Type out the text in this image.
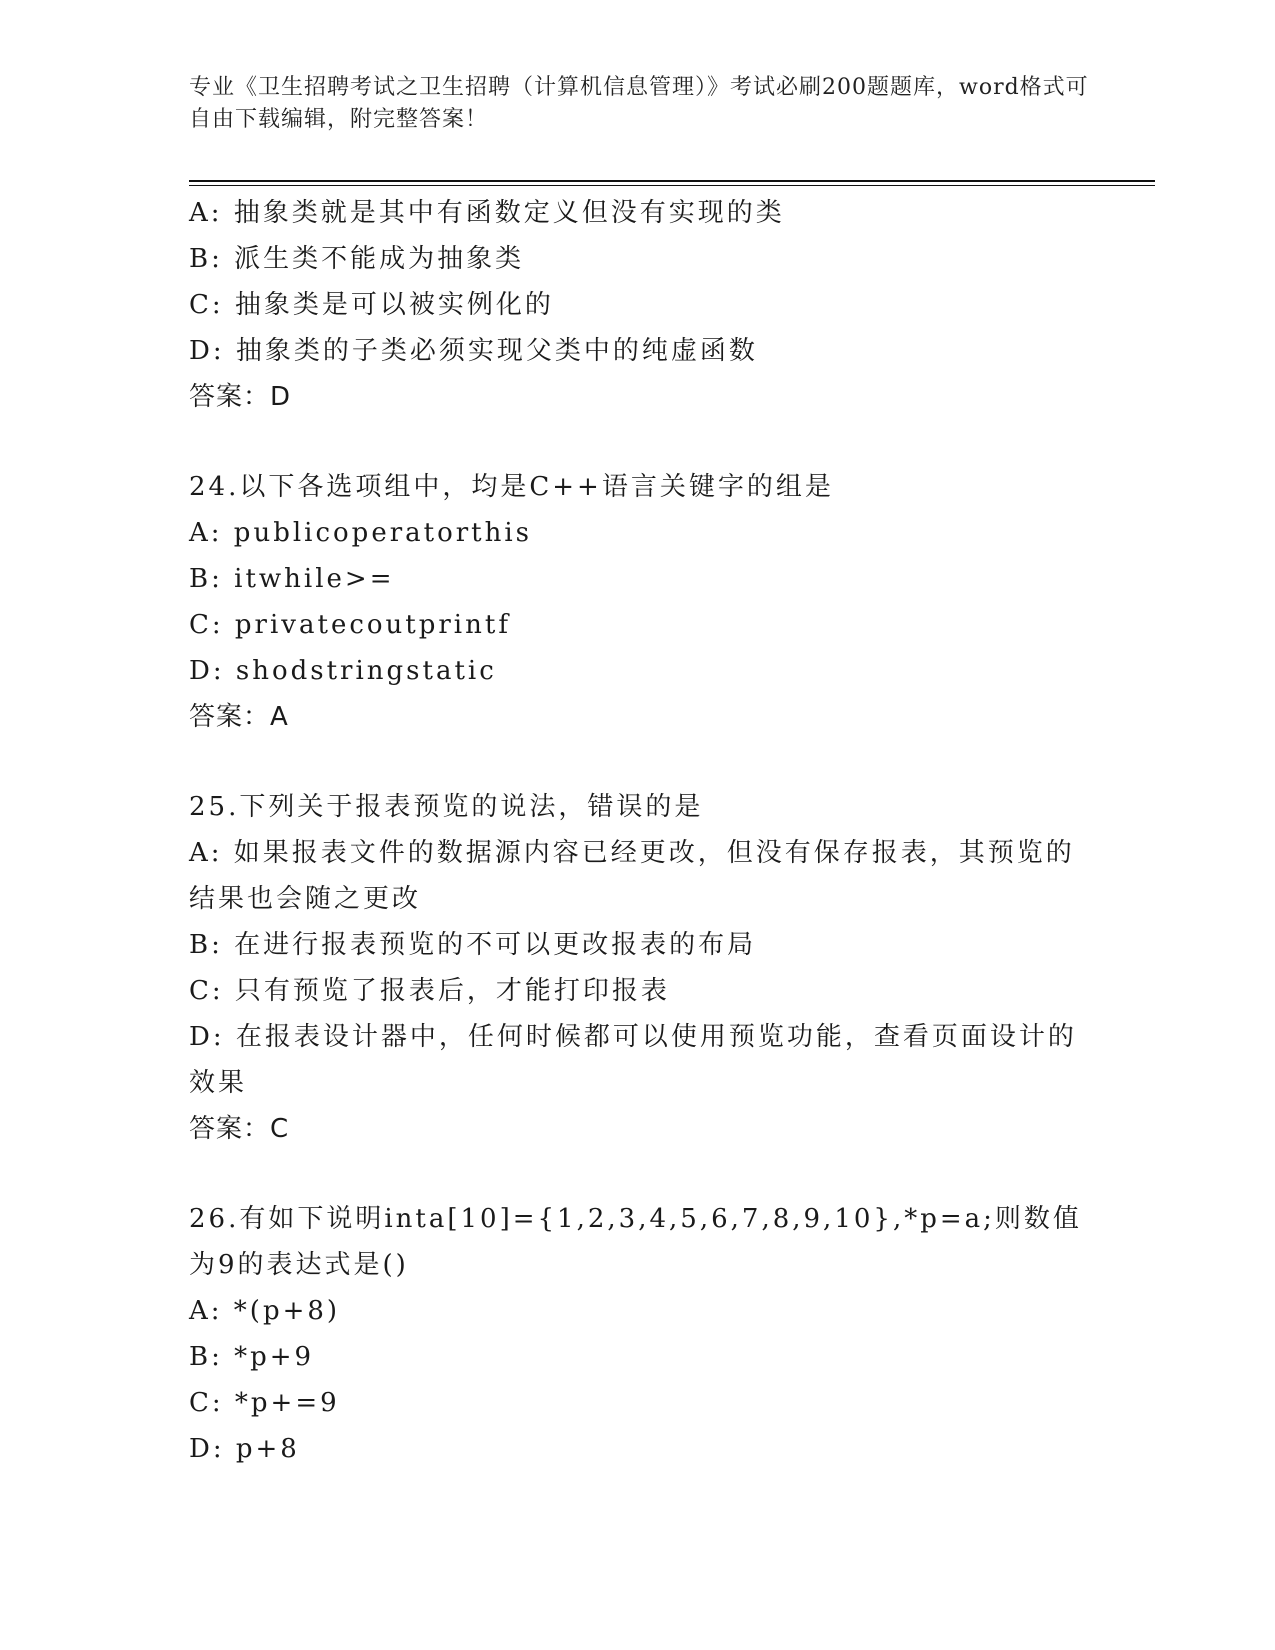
专业《卫生招聘考试之卫生招聘（计算机信息管理）》考试必刷200题题库，word格式可自由下载编辑，附完整答案！

A: 抽象类就是其中有函数定义但没有实现的类

B: 派生类不能成为抽象类

C: 抽象类是可以被实例化的

D: 抽象类的子类必须实现父类中的纯虚函数

答案：D

24.以下各选项组中，均是C++语言关键字的组是

A: publicoperatorthis

B: itwhile>=

C: privatecoutprintf

D: shodstringstatic

答案：A

25.下列关于报表预览的说法，错误的是

A: 如果报表文件的数据源内容已经更改，但没有保存报表，其预览的结果也会随之更改

B: 在进行报表预览的不可以更改报表的布局

C: 只有预览了报表后，才能打印报表

D: 在报表设计器中，任何时候都可以使用预览功能，查看页面设计的效果

答案：C

26.有如下说明inta[10]={1,2,3,4,5,6,7,8,9,10},*p=a;则数值为9的表达式是()

A: *(p+8)

B: *p+9

C: *p+=9

D: p+8
